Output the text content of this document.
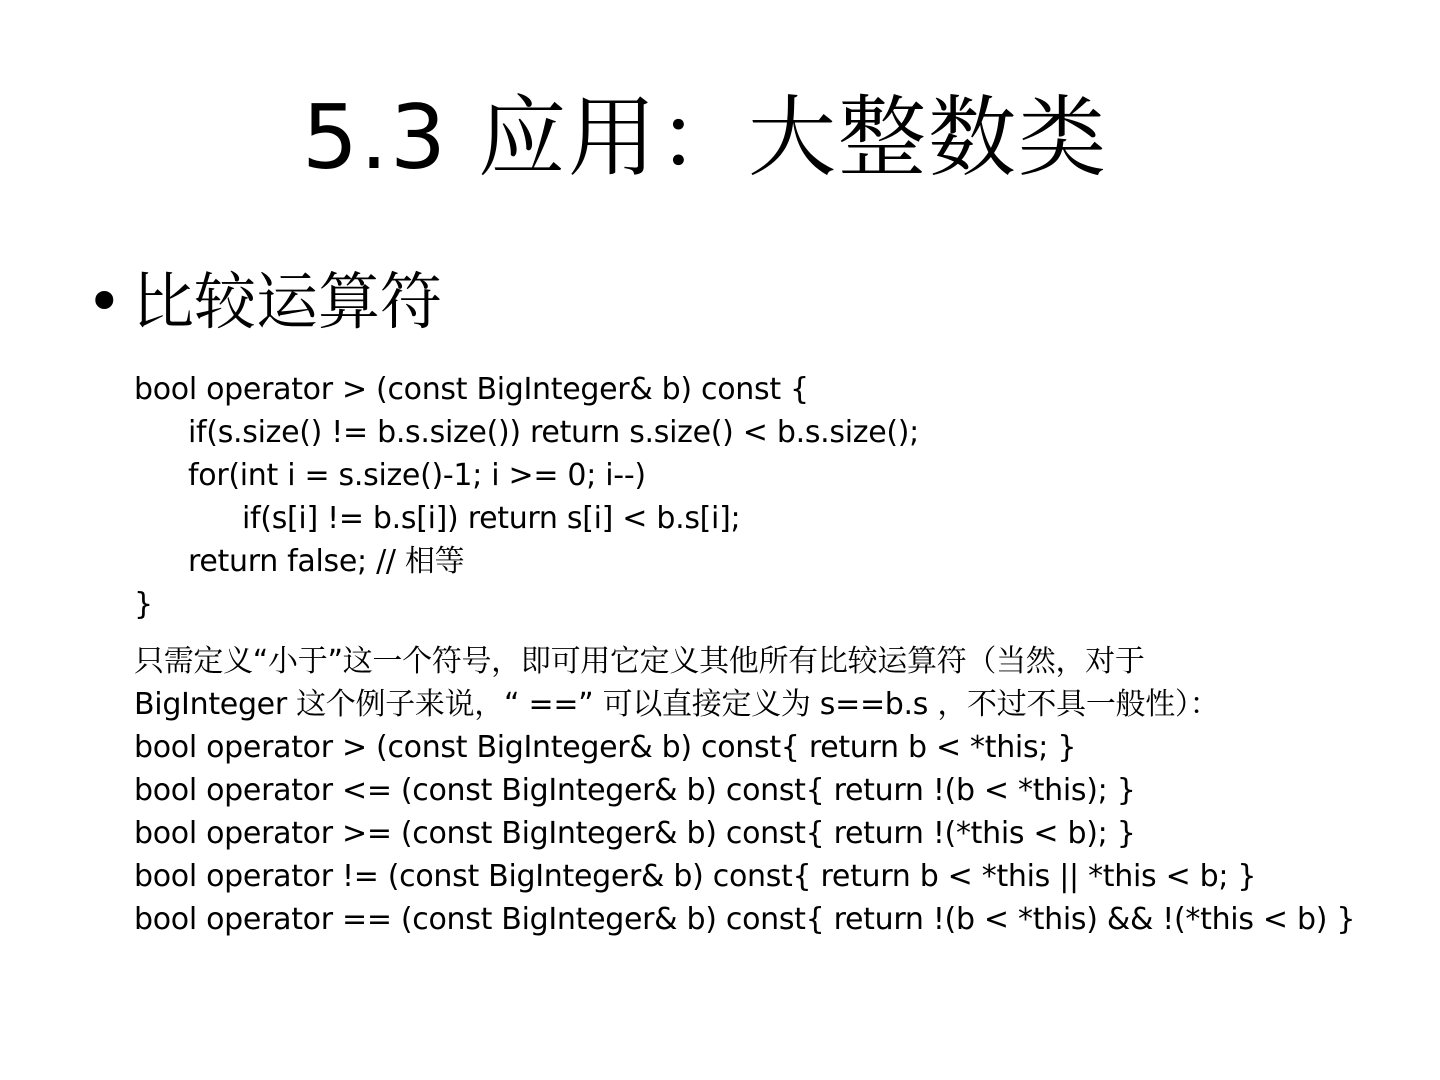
5.3 应用：大整数类
• 比较运算符
bool operator > (const BigInteger& b) const {
if(s.size() != b.s.size()) return s.size() < b.s.size();
for(int i = s.size()-1; i >= 0; i--)
if(s[i] != b.s[i]) return s[i] < b.s[i];
return false; // 相等
}
只需定义“小于”这一个符号，即可用它定义其他所有比较运算符（当然，对于
BigInteger 这个例子来说，“ ==” 可以直接定义为 s==b.s ，不过不具一般性）：
bool operator > (const BigInteger& b) const{ return b < *this; }
bool operator <= (const BigInteger& b) const{ return !(b < *this); }
bool operator >= (const BigInteger& b) const{ return !(*this < b); }
bool operator != (const BigInteger& b) const{ return b < *this || *this < b; }
bool operator == (const BigInteger& b) const{ return !(b < *this) && !(*this < b) }
